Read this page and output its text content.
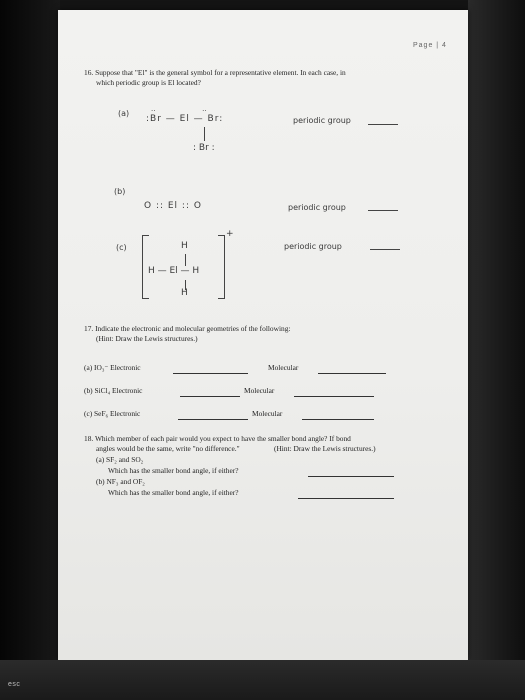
Page | 4
16. Suppose that "El" is the general symbol for a representative element. In each case, in
which periodic group is El located?
(a)
:Br — El — Br:
··                     ··
: Br :
periodic group
(b)
O :: El :: O	periodic group
(c)
+
H
H — El — H
H
periodic group
17. Indicate the electronic and molecular geometries of the following:
(Hint: Draw the Lewis structures.)
(a) IO₃⁻ Electronic	Molecular
(b) SiCl₄ Electronic	Molecular
(c) SeF₆ Electronic	Molecular
18. Which member of each pair would you expect to have the smaller bond angle? If bond
angles would be the same, write "no difference."	(Hint: Draw the Lewis structures.)
(a) SF₂ and SO₂
Which has the smaller bond angle, if either?
(b) NF₃ and OF₂
Which has the smaller bond angle, if either?
esc
